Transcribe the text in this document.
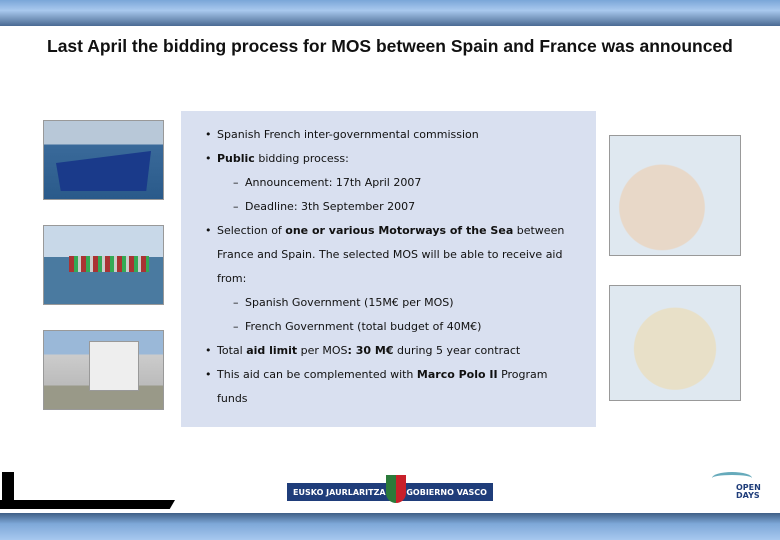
Last April the bidding process for MOS between Spain and France was announced
• Spanish French inter-governmental commission
• Public bidding process:
– Announcement: 17th April 2007
– Deadline: 3th September 2007
• Selection of one or various Motorways of the Sea between France and Spain. The selected MOS will be able to receive aid from:
– Spanish Government (15M€ per MOS)
– French Government (total budget of 40M€)
• Total aid limit per MOS: 30 M€ during 5 year contract
• This aid can be complemented with Marco Polo II Program funds
EUSKO JAURLARITZA	GOBIERNO VASCO	OPEN
DAYS
